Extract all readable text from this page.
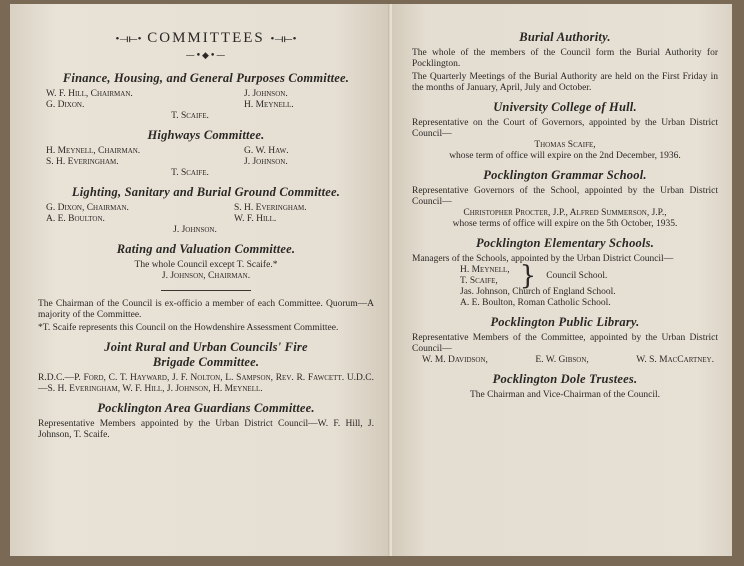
•⟞⟝• COMMITTEES •⟞⟝•
—•◆•—
Finance, Housing, and General Purposes Committee.
W. F. Hill, Chairman.	J. Johnson.
G. Dixon.	H. Meynell.
T. Scaife.
Highways Committee.
H. Meynell, Chairman.	G. W. Haw.
S. H. Everingham.	J. Johnson.
T. Scaife.
Lighting, Sanitary and Burial Ground Committee.
G. Dixon, Chairman.	S. H. Everingham.
A. E. Boulton.	W. F. Hill.
J. Johnson.
Rating and Valuation Committee.
The whole Council except T. Scaife.*
J. Johnson, Chairman.
The Chairman of the Council is ex-officio a member of each Committee. Quorum—A majority of the Committee.
*T. Scaife represents this Council on the Howdenshire Assessment Committee.
Joint Rural and Urban Councils' Fire
Brigade Committee.
R.D.C.—P. Ford, C. T. Hayward, J. F. Nolton, L. Sampson, Rev. R. Fawcett. U.D.C.—S. H. Everingham, W. F. Hill, J. Johnson, H. Meynell.
Pocklington Area Guardians Committee.
Representative Members appointed by the Urban District Council—W. F. Hill, J. Johnson, T. Scaife.
Burial Authority.
The whole of the members of the Council form the Burial Authority for Pocklington.
The Quarterly Meetings of the Burial Authority are held on the First Friday in the months of January, April, July and October.
University College of Hull.
Representative on the Court of Governors, appointed by the Urban District Council—
Thomas Scaife,
whose term of office will expire on the 2nd December, 1936.
Pocklington Grammar School.
Representative Governors of the School, appointed by the Urban District Council—
Christopher Procter, J.P., Alfred Summerson, J.P.,
whose terms of office will expire on the 5th October, 1935.
Pocklington Elementary Schools.
Managers of the Schools, appointed by the Urban District Council—
H. Meynell,
T. Scaife, } Council School.
Jas. Johnson, Church of England School.
A. E. Boulton, Roman Catholic School.
Pocklington Public Library.
Representative Members of the Committee, appointed by the Urban District Council—
W. M. Davidson,	E. W. Gibson,	W. S. MacCartney.
Pocklington Dole Trustees.
The Chairman and Vice-Chairman of the Council.
